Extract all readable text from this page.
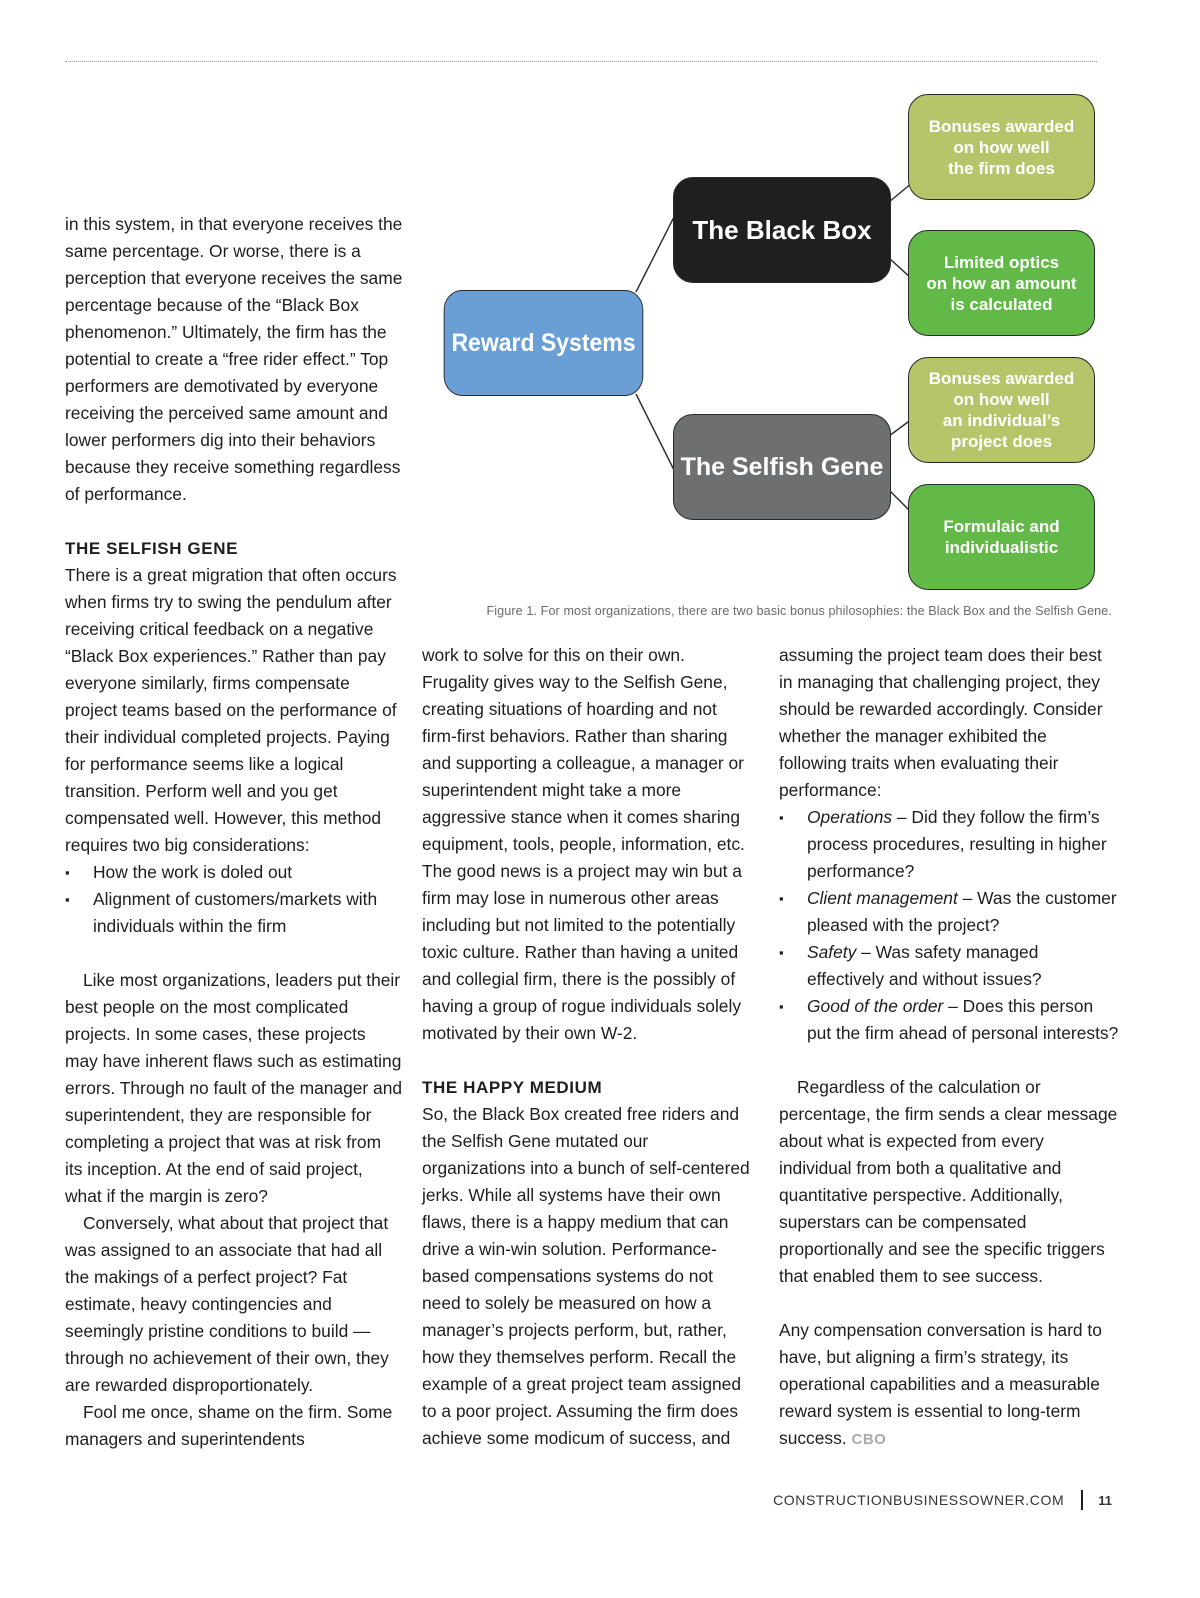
Reward Systems
The Black Box
The Selfish Gene
Bonuses awarded
on how well
the firm does
Limited optics
on how an amount
is calculated
Bonuses awarded
on how well
an individual’s
project does
Formulaic and
individualistic
Figure 1. For most organizations, there are two basic bonus philosophies: the Black Box and the Selfish Gene.

in this system, in that everyone receives the same percentage. Or worse, there is a perception that everyone receives the same percentage because of the “Black Box phenomenon.” Ultimately, the firm has the potential to create a “free rider effect.” Top performers are demotivated by everyone receiving the perceived same amount and lower performers dig into their behaviors because they receive something regardless of performance.

THE SELFISH GENE

There is a great migration that often occurs when firms try to swing the pendulum after receiving critical feedback on a negative “Black Box experiences.” Rather than pay everyone similarly, firms compensate project teams based on the performance of their individual completed projects. Paying for performance seems like a logical transition. Perform well and you get compensated well. However, this method requires two big considerations:

▪ How the work is doled out
▪ Alignment of customers/markets with individuals within the firm

Like most organizations, leaders put their best people on the most complicated projects. In some cases, these projects may have inherent flaws such as estimating errors. Through no fault of the manager and superintendent, they are responsible for completing a project that was at risk from its inception. At the end of said project, what if the margin is zero?

Conversely, what about that project that was assigned to an associate that had all the makings of a perfect project? Fat estimate, heavy contingencies and seemingly pristine conditions to build — through no achievement of their own, they are rewarded disproportionately.

Fool me once, shame on the firm. Some managers and superintendents

work to solve for this on their own. Frugality gives way to the Selfish Gene, creating situations of hoarding and not firm-first behaviors. Rather than sharing and supporting a colleague, a manager or superintendent might take a more aggressive stance when it comes sharing equipment, tools, people, information, etc. The good news is a project may win but a firm may lose in numerous other areas including but not limited to the potentially toxic culture. Rather than having a united and collegial firm, there is the possibly of having a group of rogue individuals solely motivated by their own W-2.

THE HAPPY MEDIUM

So, the Black Box created free riders and the Selfish Gene mutated our organizations into a bunch of self-centered jerks. While all systems have their own flaws, there is a happy medium that can drive a win-win solution. Performance-based compensations systems do not need to solely be measured on how a manager’s projects perform, but, rather, how they themselves perform. Recall the example of a great project team assigned to a poor project. Assuming the firm does achieve some modicum of success, and

assuming the project team does their best in managing that challenging project, they should be rewarded accordingly. Consider whether the manager exhibited the following traits when evaluating their performance:

▪ Operations – Did they follow the firm’s process procedures, resulting in higher performance?
▪ Client management – Was the customer pleased with the project?
▪ Safety – Was safety managed effectively and without issues?
▪ Good of the order – Does this person put the firm ahead of personal interests?

Regardless of the calculation or percentage, the firm sends a clear message about what is expected from every individual from both a qualitative and quantitative perspective. Additionally, superstars can be compensated proportionally and see the specific triggers that enabled them to see success.

Any compensation conversation is hard to have, but aligning a firm’s strategy, its operational capabilities and a measurable reward system is essential to long-term success. CBO

CONSTRUCTIONBUSINESSOWNER.COM	11
